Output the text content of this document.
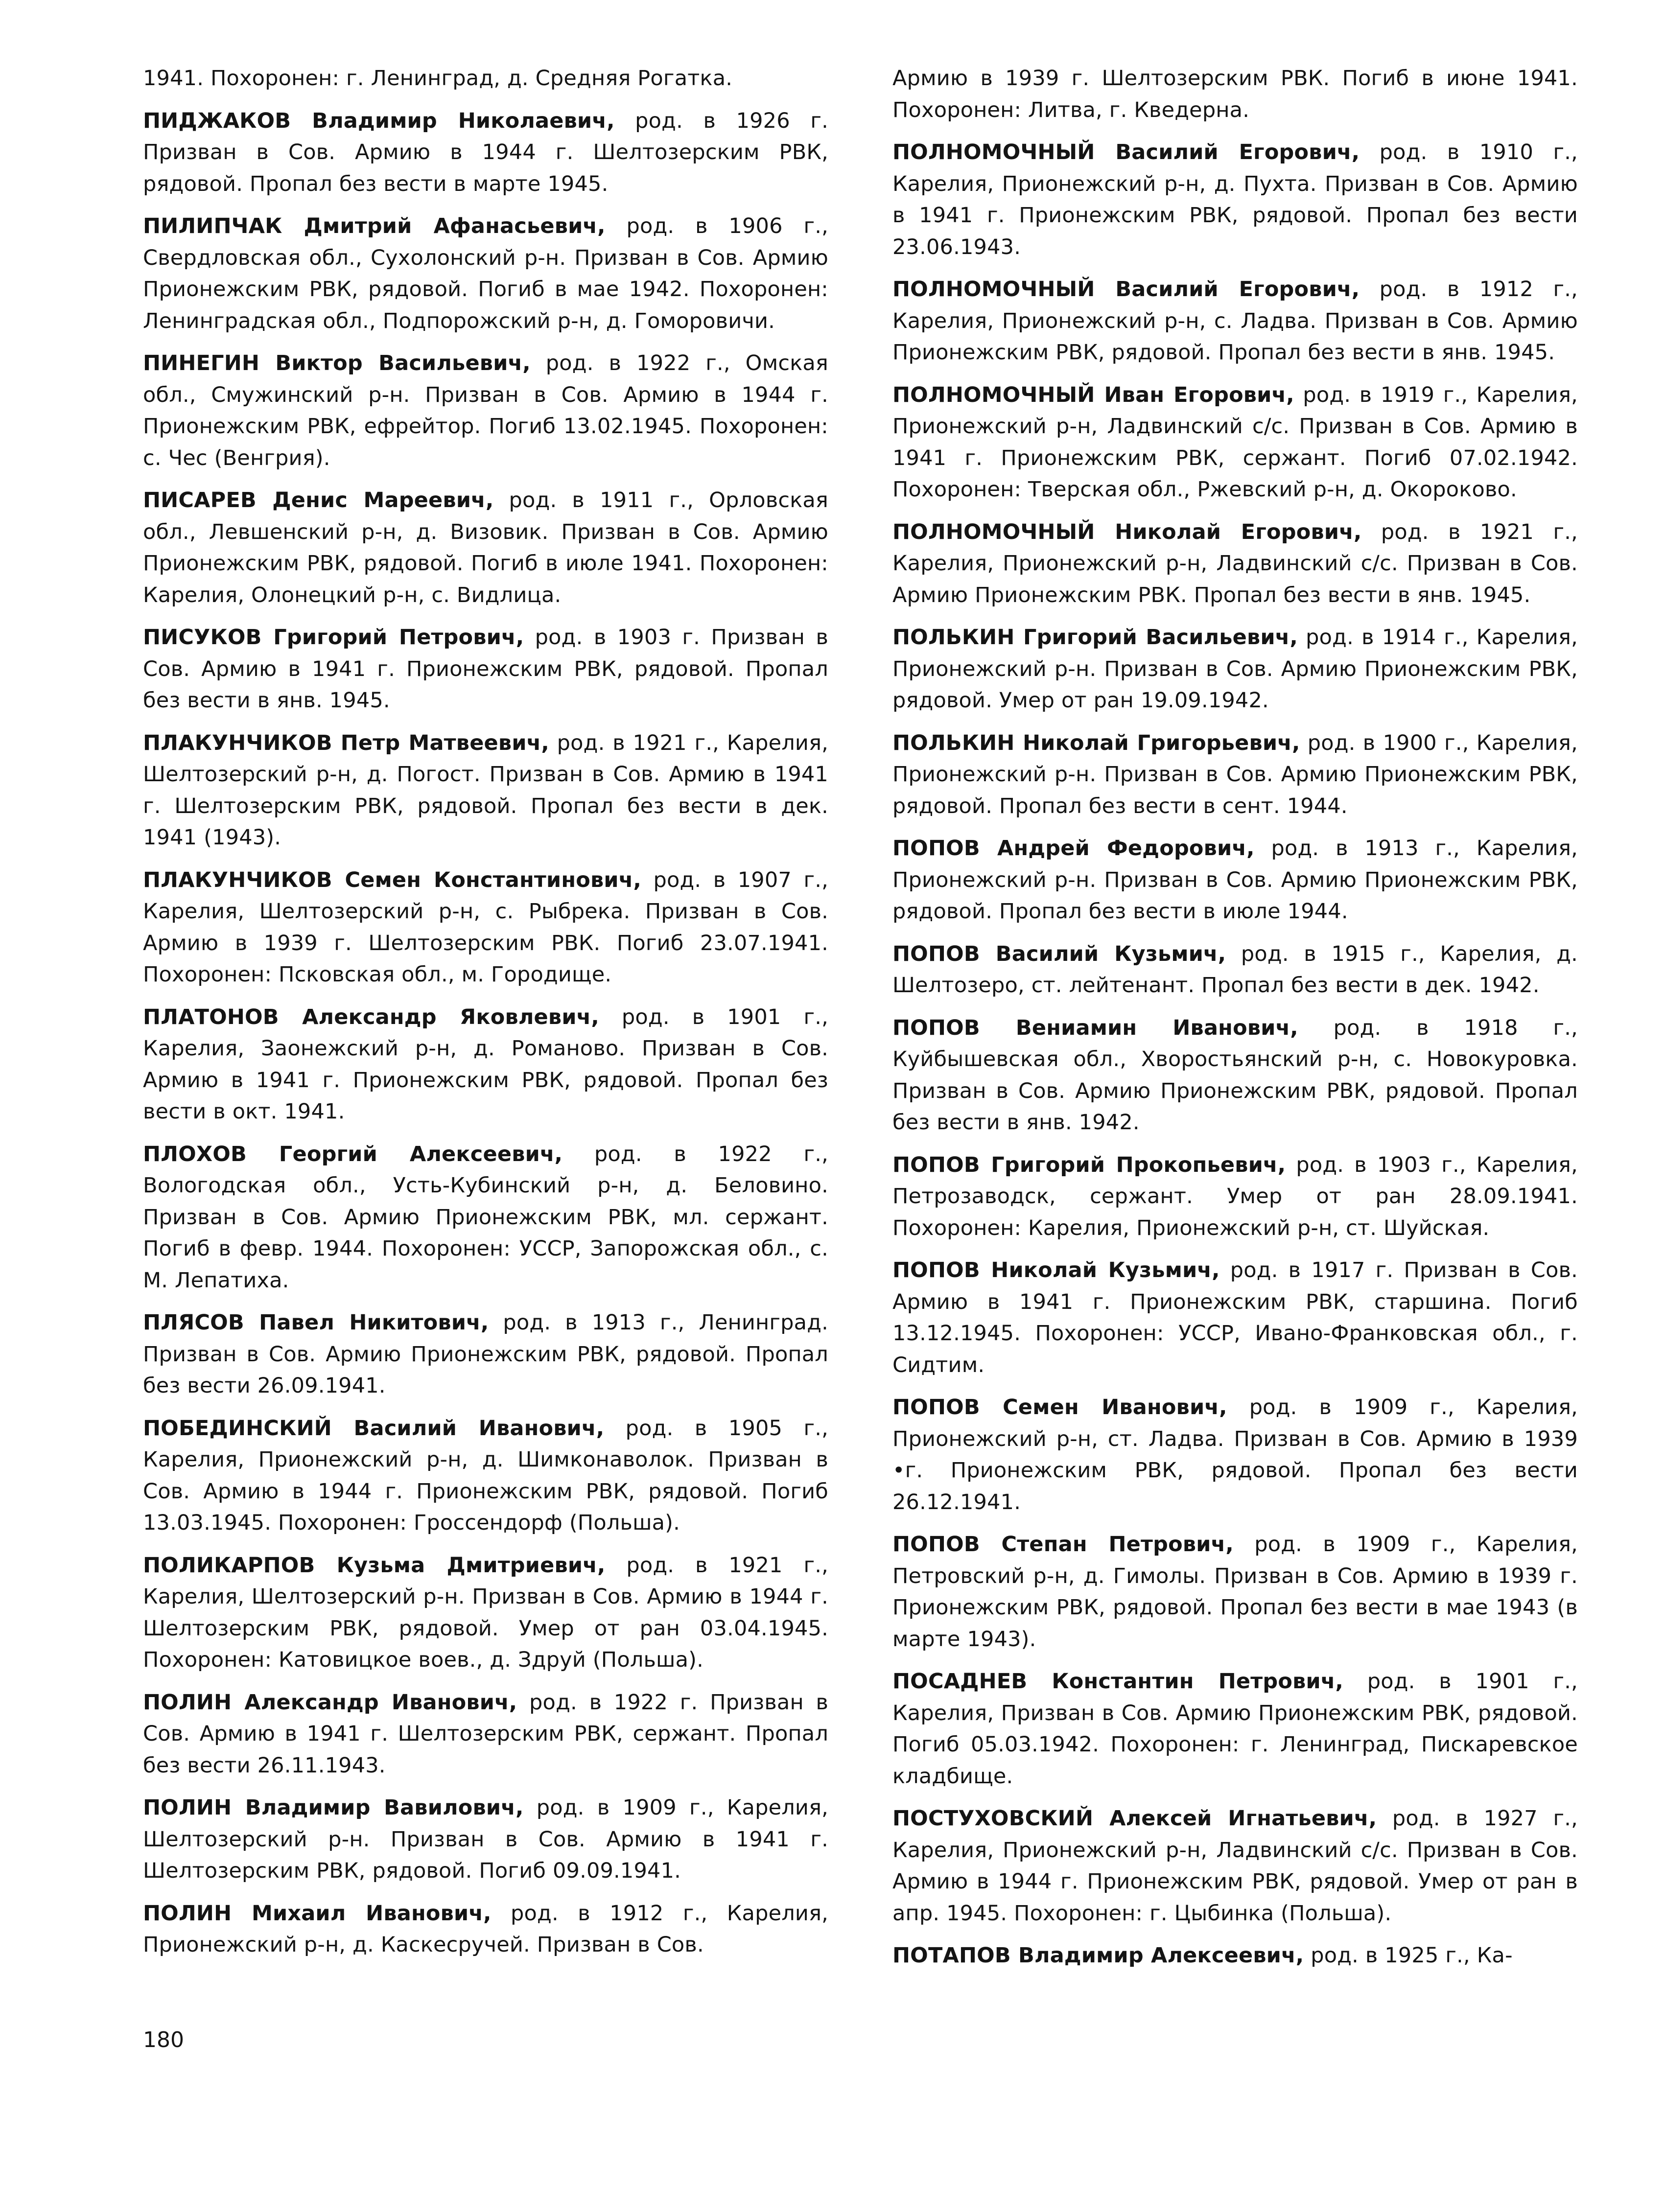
1941. Похоронен: г. Ленинград, д. Средняя Рогатка.

ПИДЖАКОВ Владимир Николаевич, род. в 1926 г. Призван в Сов. Армию в 1944 г. Шелтозерским РВК, рядовой. Пропал без вести в марте 1945.

ПИЛИПЧАК Дмитрий Афанасьевич, род. в 1906 г., Свердловская обл., Сухолонский р-н. Призван в Сов. Армию Прионежским РВК, рядовой. Погиб в мае 1942. Похоронен: Ленинградская обл., Подпорожский р-н, д. Гоморовичи.

ПИНЕГИН Виктор Васильевич, род. в 1922 г., Омская обл., Смужинский р-н. Призван в Сов. Армию в 1944 г. Прионежским РВК, ефрейтор. Погиб 13.02.1945. Похоронен: с. Чес (Венгрия).

ПИСАРЕВ Денис Мареевич, род. в 1911 г., Орловская обл., Левшенский р-н, д. Визовик. Призван в Сов. Армию Прионежским РВК, рядовой. Погиб в июле 1941. Похоронен: Карелия, Олонецкий р-н, с. Видлица.

ПИСУКОВ Григорий Петрович, род. в 1903 г. Призван в Сов. Армию в 1941 г. Прионежским РВК, рядовой. Пропал без вести в янв. 1945.

ПЛАКУНЧИКОВ Петр Матвеевич, род. в 1921 г., Карелия, Шелтозерский р-н, д. Погост. Призван в Сов. Армию в 1941 г. Шелтозерским РВК, рядовой. Пропал без вести в дек. 1941 (1943).

ПЛАКУНЧИКОВ Семен Константинович, род. в 1907 г., Карелия, Шелтозерский р-н, с. Рыбрека. Призван в Сов. Армию в 1939 г. Шелтозерским РВК. Погиб 23.07.1941. Похоронен: Псковская обл., м. Городище.

ПЛАТОНОВ Александр Яковлевич, род. в 1901 г., Карелия, Заонежский р-н, д. Романово. Призван в Сов. Армию в 1941 г. Прионежским РВК, рядовой. Пропал без вести в окт. 1941.

ПЛОХОВ Георгий Алексеевич, род. в 1922 г., Вологодская обл., Усть-Кубинский р-н, д. Беловино. Призван в Сов. Армию Прионежским РВК, мл. сержант. Погиб в февр. 1944. Похоронен: УССР, Запорожская обл., с. М. Лепатиха.

ПЛЯСОВ Павел Никитович, род. в 1913 г., Ленинград. Призван в Сов. Армию Прионежским РВК, рядовой. Пропал без вести 26.09.1941.

ПОБЕДИНСКИЙ Василий Иванович, род. в 1905 г., Карелия, Прионежский р-н, д. Шимконаволок. Призван в Сов. Армию в 1944 г. Прионежским РВК, рядовой. Погиб 13.03.1945. Похоронен: Гроссендорф (Польша).

ПОЛИКАРПОВ Кузьма Дмитриевич, род. в 1921 г., Карелия, Шелтозерский р-н. Призван в Сов. Армию в 1944 г. Шелтозерским РВК, рядовой. Умер от ран 03.04.1945. Похоронен: Катовицкое воев., д. Здруй (Польша).

ПОЛИН Александр Иванович, род. в 1922 г. Призван в Сов. Армию в 1941 г. Шелтозерским РВК, сержант. Пропал без вести 26.11.1943.

ПОЛИН Владимир Вавилович, род. в 1909 г., Карелия, Шелтозерский р-н. Призван в Сов. Армию в 1941 г. Шелтозерским РВК, рядовой. Погиб 09.09.1941.

ПОЛИН Михаил Иванович, род. в 1912 г., Карелия, Прионежский р-н, д. Каскесручей. Призван в Сов.

Армию в 1939 г. Шелтозерским РВК. Погиб в июне 1941. Похоронен: Литва, г. Кведерна.

ПОЛНОМОЧНЫЙ Василий Егорович, род. в 1910 г., Карелия, Прионежский р-н, д. Пухта. Призван в Сов. Армию в 1941 г. Прионежским РВК, рядовой. Пропал без вести 23.06.1943.

ПОЛНОМОЧНЫЙ Василий Егорович, род. в 1912 г., Карелия, Прионежский р-н, с. Ладва. Призван в Сов. Армию Прионежским РВК, рядовой. Пропал без вести в янв. 1945.

ПОЛНОМОЧНЫЙ Иван Егорович, род. в 1919 г., Карелия, Прионежский р-н, Ладвинский с/с. Призван в Сов. Армию в 1941 г. Прионежским РВК, сержант. Погиб 07.02.1942. Похоронен: Тверская обл., Ржевский р-н, д. Окороково.

ПОЛНОМОЧНЫЙ Николай Егорович, род. в 1921 г., Карелия, Прионежский р-н, Ладвинский с/с. Призван в Сов. Армию Прионежским РВК. Пропал без вести в янв. 1945.

ПОЛЬКИН Григорий Васильевич, род. в 1914 г., Карелия, Прионежский р-н. Призван в Сов. Армию Прионежским РВК, рядовой. Умер от ран 19.09.1942.

ПОЛЬКИН Николай Григорьевич, род. в 1900 г., Карелия, Прионежский р-н. Призван в Сов. Армию Прионежским РВК, рядовой. Пропал без вести в сент. 1944.

ПОПОВ Андрей Федорович, род. в 1913 г., Карелия, Прионежский р-н. Призван в Сов. Армию Прионежским РВК, рядовой. Пропал без вести в июле 1944.

ПОПОВ Василий Кузьмич, род. в 1915 г., Карелия, д. Шелтозеро, ст. лейтенант. Пропал без вести в дек. 1942.

ПОПОВ Вениамин Иванович, род. в 1918 г., Куйбышевская обл., Хворостьянский р-н, с. Новокуровка. Призван в Сов. Армию Прионежским РВК, рядовой. Пропал без вести в янв. 1942.

ПОПОВ Григорий Прокопьевич, род. в 1903 г., Карелия, Петрозаводск, сержант. Умер от ран 28.09.1941. Похоронен: Карелия, Прионежский р-н, ст. Шуйская.

ПОПОВ Николай Кузьмич, род. в 1917 г. Призван в Сов. Армию в 1941 г. Прионежским РВК, старшина. Погиб 13.12.1945. Похоронен: УССР, Ивано-Франковская обл., г. Сидтим.

ПОПОВ Семен Иванович, род. в 1909 г., Карелия, Прионежский р-н, ст. Ладва. Призван в Сов. Армию в 1939 •г. Прионежским РВК, рядовой. Пропал без вести 26.12.1941.

ПОПОВ Степан Петрович, род. в 1909 г., Карелия, Петровский р-н, д. Гимолы. Призван в Сов. Армию в 1939 г. Прионежским РВК, рядовой. Пропал без вести в мае 1943 (в марте 1943).

ПОСАДНЕВ Константин Петрович, род. в 1901 г., Карелия, Призван в Сов. Армию Прионежским РВК, рядовой. Погиб 05.03.1942. Похоронен: г. Ленинград, Пискаревское кладбище.

ПОСТУХОВСКИЙ Алексей Игнатьевич, род. в 1927 г., Карелия, Прионежский р-н, Ладвинский с/с. Призван в Сов. Армию в 1944 г. Прионежским РВК, рядовой. Умер от ран в апр. 1945. Похоронен: г. Цыбинка (Польша).

ПОТАПОВ Владимир Алексеевич, род. в 1925 г., Ка-

180
